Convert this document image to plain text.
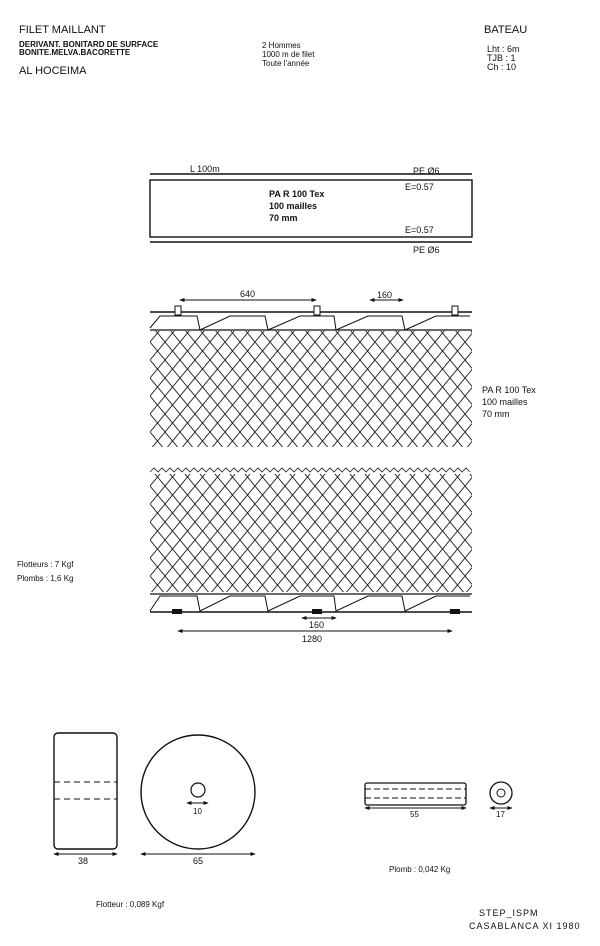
FILET MAILLANT
DERIVANT. BONITARD DE SURFACE
BONITE.MELVA.BACORETTE
AL HOCEIMA
2 Hommes
1000 m de filet
Toute l'année
BATEAU
Lht : 6m
TJB : 1
Ch : 10
L 100m	PE Ø6
E=0.57
PA R 100 Tex
100 mailles
70 mm
E=0.57
PE Ø6
640	160
PA R 100 Tex
100 mailles
70 mm
Flotteurs : 7 Kgf
Plombs : 1,6 Kg
160
1280
38	65
10
Flotteur : 0,089 Kgf
55	17
Plomb : 0,042 Kg
STEP_ISPM
CASABLANCA XI 1980
